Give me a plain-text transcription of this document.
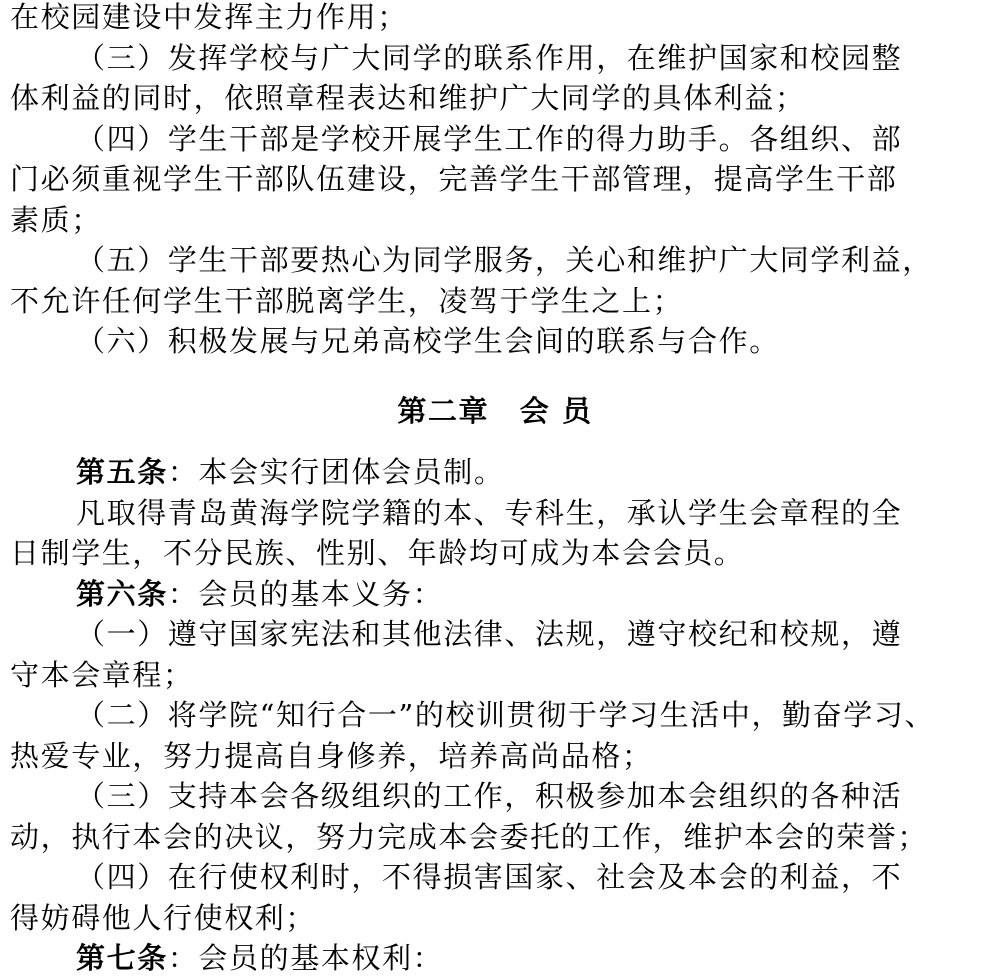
在校园建设中发挥主力作用；
（三）发挥学校与广大同学的联系作用，在维护国家和校园整
体利益的同时，依照章程表达和维护广大同学的具体利益；
（四）学生干部是学校开展学生工作的得力助手。各组织、部
门必须重视学生干部队伍建设，完善学生干部管理，提高学生干部
素质；
（五）学生干部要热心为同学服务，关心和维护广大同学利益，
不允许任何学生干部脱离学生，凌驾于学生之上；
（六）积极发展与兄弟高校学生会间的联系与合作。
第二章　会 员
第五条：本会实行团体会员制。
凡取得青岛黄海学院学籍的本、专科生，承认学生会章程的全
日制学生，不分民族、性别、年龄均可成为本会会员。
第六条：会员的基本义务：
（一）遵守国家宪法和其他法律、法规，遵守校纪和校规，遵
守本会章程；
（二）将学院“知行合一”的校训贯彻于学习生活中，勤奋学习、
热爱专业，努力提高自身修养，培养高尚品格；
（三）支持本会各级组织的工作，积极参加本会组织的各种活
动，执行本会的决议，努力完成本会委托的工作，维护本会的荣誉；
（四）在行使权利时，不得损害国家、社会及本会的利益，不
得妨碍他人行使权利；
第七条：会员的基本权利：
